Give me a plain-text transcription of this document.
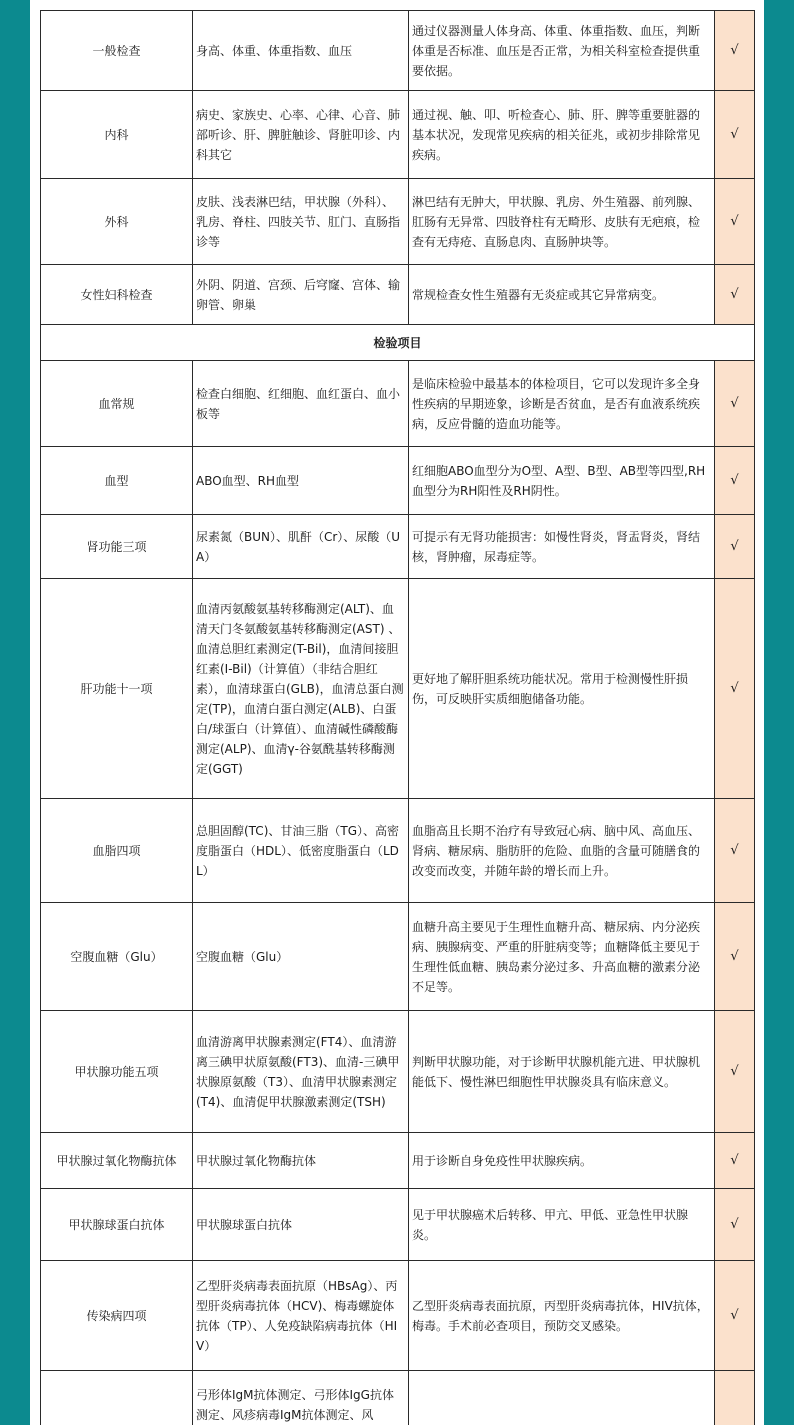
一般检查	身高、体重、体重指数、血压	通过仪器测量人体身高、体重、体重指数、血压，判断体重是否标准、血压是否正常，为相关科室检查提供重要依据。	√
内科	病史、家族史、心率、心律、心音、肺部听诊、肝、脾脏触诊、肾脏叩诊、内科其它	通过视、触、叩、听检查心、肺、肝、脾等重要脏器的基本状况，发现常见疾病的相关征兆，或初步排除常见疾病。	√
外科	皮肤、浅表淋巴结，甲状腺（外科）、乳房、脊柱、四肢关节、肛门、直肠指诊等	淋巴结有无肿大，甲状腺、乳房、外生殖器、前列腺、肛肠有无异常、四肢脊柱有无畸形、皮肤有无疤痕，检查有无痔疮、直肠息肉、直肠肿块等。	√
女性妇科检查	外阴、阴道、宫颈、后穹窿、宫体、输卵管、卵巢	常规检查女性生殖器有无炎症或其它异常病变。	√
检验项目			
血常规	检查白细胞、红细胞、血红蛋白、血小板等	是临床检验中最基本的体检项目，它可以发现许多全身性疾病的早期迹象，诊断是否贫血，是否有血液系统疾病，反应骨髓的造血功能等。	√
血型	ABO血型、RH血型	红细胞ABO血型分为O型、A型、B型、AB型等四型,RH血型分为RH阳性及RH阴性。	√
肾功能三项	尿素氮（BUN）、肌酐（Cr）、尿酸（UA）	可提示有无肾功能损害：如慢性肾炎，肾盂肾炎，肾结核，肾肿瘤，尿毒症等。	√
肝功能十一项	血清丙氨酸氨基转移酶测定(ALT)、血清天门冬氨酸氨基转移酶测定(AST) 、血清总胆红素测定(T-Bil)，血清间接胆红素(I-Bil)（计算值）（非结合胆红素），血清球蛋白(GLB)，血清总蛋白测定(TP)，血清白蛋白测定(ALB)、白蛋白/球蛋白（计算值）、血清碱性磷酸酶测定(ALP)、血清γ-谷氨酰基转移酶测定(GGT)	更好地了解肝胆系统功能状况。常用于检测慢性肝损伤，可反映肝实质细胞储备功能。	√
血脂四项	总胆固醇(TC)、甘油三脂（TG）、高密度脂蛋白（HDL）、低密度脂蛋白（LDL）	血脂高且长期不治疗有导致冠心病、脑中风、高血压、肾病、糖尿病、脂肪肝的危险、血脂的含量可随膳食的改变而改变，并随年龄的增长而上升。	√
空腹血糖（Glu）	空腹血糖（Glu）	血糖升高主要见于生理性血糖升高、糖尿病、内分泌疾病、胰腺病变、严重的肝脏病变等；血糖降低主要见于生理性低血糖、胰岛素分泌过多、升高血糖的激素分泌不足等。	√
甲状腺功能五项	血清游离甲状腺素测定(FT4）、血清游离三碘甲状原氨酸(FT3)、血清-三碘甲状腺原氨酸（T3）、血清甲状腺素测定(T4)、血清促甲状腺激素测定(TSH)	判断甲状腺功能，对于诊断甲状腺机能亢进、甲状腺机能低下、慢性淋巴细胞性甲状腺炎具有临床意义。	√
甲状腺过氧化物酶抗体	甲状腺过氧化物酶抗体	用于诊断自身免疫性甲状腺疾病。	√
甲状腺球蛋白抗体	甲状腺球蛋白抗体	见于甲状腺癌术后转移、甲亢、甲低、亚急性甲状腺炎。	√
传染病四项	乙型肝炎病毒表面抗原（HBsAg）、丙型肝炎病毒抗体（HCV)、梅毒螺旋体抗体（TP）、人免疫缺陷病毒抗体（HIV）	乙型肝炎病毒表面抗原，丙型肝炎病毒抗体，HIV抗体，梅毒。手术前必查项目，预防交叉感染。	√
	弓形体IgM抗体测定、弓形体IgG抗体测定、风疹病毒IgM抗体测定、风		
